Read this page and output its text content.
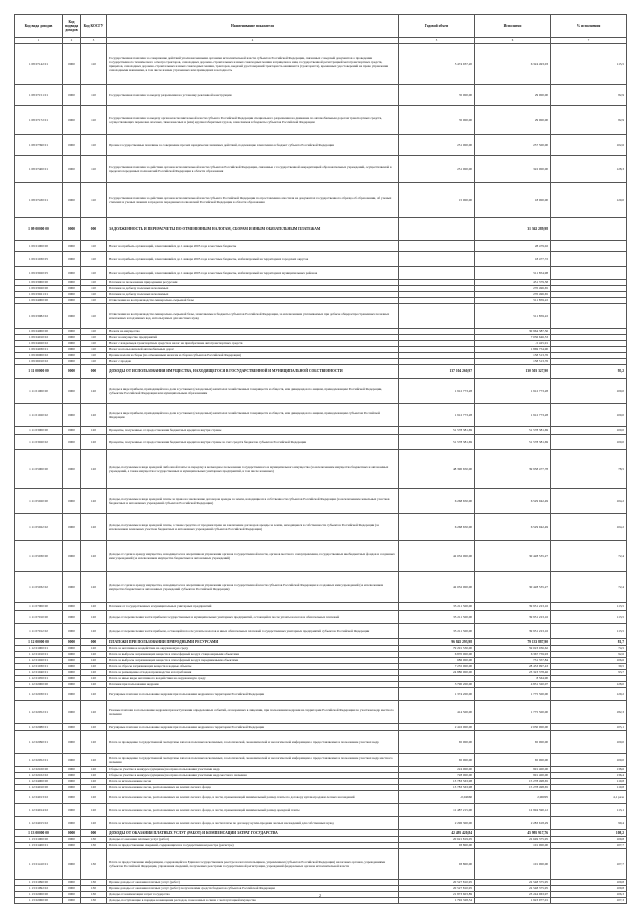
Код вида доходов	Код подвида доходов	Код КОСГУ	Наименование показателя	Годовой объем	Исполнено	% исполнения
1	2	3	4	5	6	7
1 08 07142 01	0000	110	Государственная пошлина за совершение действий уполномоченными органами исполнительной власти субъектов Российской Федерации, связанных с выдачей документов о проведении государственного технического осмотра тракторов, самоходных дорожно-строительных и иных самоходных машин и прицепов к ним, государственной регистрацией мототранспортных средств, прицепов, самоходных дорожно-строительных и иных самоходных машин, тракторов, выдачей удостоверений тракториста-машиниста (тракториста), временных удостоверений на право управления самоходными машинами, в том числе взамен утраченных или пришедших в негодность	5 474 937,20	6 324 493,03	115,5
1 08 07151 01	0000	110	Государственная пошлина за выдачу разрешения на установку рекламной конструкции	35 000,00	29 000,00	82,9
1 08 07172 01	0000	110	Государственная пошлина за выдачу органом исполнительной власти субъекта Российской Федерации специального разрешения на движение по автомобильным дорогам транспортных средств, осуществляющих перевозки опасных, тяжеловесных и (или) крупногабаритных грузов, зачисляемая в бюджеты субъектов Российской Федерации	35 000,00	29 000,00	82,9
1 08 07390 01	0000	110	Прочие государственные пошлины за совершение прочих юридически значимых действий, подлежащие зачислению в бюджет субъекта Российской Федерации	251 000,00	257 500,00	102,6
1 08 07400 01	0000	110	Государственная пошлина за действия органов исполнительной власти субъектов Российской Федерации, связанные с государственной аккредитацией образовательных учреждений, осуществляемой в пределах переданных полномочий Российской Федерации в области образования	251 000,00	322 000,00	128,3
1 08 07430 01	0000	110	Государственная пошлина за действия органов исполнительной власти субъекта Российской Федерации по проставлению апостиля на документах государственного образца об образовании, об ученых степенях и ученых званиях в пределах переданных полномочий Российской Федерации в области образования	15 000,00	18 000,00	120,0
1 09 00000 00	0000	000	ЗАДОЛЖЕННОСТЬ И ПЕРЕРАСЧЕТЫ ПО ОТМЕНЕННЫМ НАЛОГАМ, СБОРАМ И ИНЫМ ОБЯЗАТЕЛЬНЫМ ПЛАТЕЖАМ		31 362 289,98	
1 09 01000 00	0000	110	Налог на прибыль организаций, зачислявшийся до 1 января 2005 года в местные бюджеты		28 479,02	
1 09 01030 05	0000	110	Налог на прибыль организаций, зачислявшийся до 1 января 2005 года в местные бюджеты, мобилизуемый на территориях городских округов		18 477,72	
1 09 03020 05	0000	110	Налог на прибыль организаций, зачислявшийся до 1 января 2005 года в местные бюджеты, мобилизуемый на территориях муниципальных районов		511 854,98	
1 09 03000 00	0000	110	Платежи за пользование природными ресурсами		451 379,58	
1 09 03020 00	0000	110	Платежи за добычу полезных ископаемых		270 496,65	
1 09 03021 01	0000	110	Платежи за добычу полезных ископаемых		270 496,65	
1 09 04000 00	0000	110	Отчисления на воспроизводство минерально-сырьевой базы		511 859,22	
1 09 03082 02	0000	110	Отчисления на воспроизводство минерально-сырьевой базы, зачисляемые в бюджеты субъектов Российской Федерации, за исключением уплачиваемых при добыче общераспространенных полезных ископаемых и подземных вод, используемых для местных нужд		511 859,22	
1 09 04000 00	0000	110	Налоги на имущество		30 964 387,56	
1 09 04010 02	0000	110	Налог на имущество предприятий		7 036 646,53	
1 09 04020 02	0000	110	Налог с владельцев транспортных средств и налог на приобретение автотранспортных средств		-5 425,91	
1 09 04030 01	0000	110	Налог на пользователей автомобильных дорог		1 869 754,90	
1 09 06000 02	0000	110	Прочие налоги и сборы (по отмененным налогам и сборам субъектов Российской Федерации)		158 513,76	
1 09 06010 02	0000	110	Налог с продаж		158 513,76	
1 11 00000 00	0000	000	ДОХОДЫ ОТ ИСПОЛЬЗОВАНИЯ ИМУЩЕСТВА, НАХОДЯЩЕГОСЯ В ГОСУДАРСТВЕННОЙ И МУНИЦИПАЛЬНОЙ СОБСТВЕННОСТИ	137 104 260,97	130 503 327,90	95,2
1 11 01000 00	0000	120	Доходы в виде прибыли, приходящейся на доли в уставных (складочных) капиталах хозяйственных товариществ и обществ, или дивидендов по акциям, принадлежащим Российской Федерации, субъектам Российской Федерации или муниципальным образованиям	1 912 773,28	1 912 773,28	100,0
1 11 01020 02	0000	120	Доходы в виде прибыли, приходящейся на доли в уставных (складочных) капиталах хозяйственных товариществ и обществ, или дивидендов по акциям, принадлежащим субъектам Российской Федерации	1 912 773,28	1 912 773,28	100,0
1 11 03000 00	0000	120	Проценты, полученные от предоставления бюджетных кредитов внутри страны	51 578 381,69	51 578 381,69	100,0
1 11 03020 02	0000	120	Проценты, полученные от предоставления бюджетных кредитов внутри страны за счет средств бюджетов субъектов Российской Федерации	51 578 381,69	51 578 381,69	100,0
1 11 05000 00	0000	120	Доходы, получаемые в виде арендной либо иной платы за передачу в возмездное пользование государственного и муниципального имущества (за исключением имущества бюджетных и автономных учреждений, а также имущества государственных и муниципальных унитарных предприятий, в том числе казенных)	48 390 650,00	39 958 477,78	78,5
1 11 05020 00	0000	120	Доходы, получаемые в виде арендной платы за права на заключение договоров аренды за земли, находящиеся в собственности субъектов Российской Федерации (за исключением земельных участков бюджетных и автономных учреждений субъектов Российской Федерации)	6 268 650,00	6 529 942,49	104,2
1 11 05022 02	0000	120	Доходы, получаемые в виде арендной платы, а также средства от продажи права на заключение договоров аренды за земли, находящиеся в собственности субъектов Российской Федерации (за исключением земельных участков бюджетных и автономных учреждений субъектов Российской Федерации)	6 268 650,00	6 529 942,49	104,2
1 11 05030 00	0000	120	Доходы от сдачи в аренду имущества, находящегося в оперативном управлении органов государственной власти, органов местного самоуправления, государственных внебюджетных фондов и созданных ими учреждений (за исключением имущества бюджетных и автономных учреждений)	42 032 000,00	30 428 535,27	72,4
1 11 05032 02	0000	120	Доходы от сдачи в аренду имущества, находящегося в оперативном управлении органов государственной власти субъектов Российской Федерации и созданных ими учреждений (за исключением имущества бюджетных и автономных учреждений субъектов Российской Федерации)	42 032 000,00	30 428 535,27	72,4
1 11 07000 00	0000	120	Платежи от государственных и муниципальных унитарных предприятий	35 211 500,00	39 951 223,16	113,5
1 11 07010 00	0000	120	Доходы от перечисления части прибыли государственных и муниципальных унитарных предприятий, остающейся после уплаты налогов и обязательных платежей	35 211 500,00	39 951 223,16	113,5
1 11 07012 02	0000	120	Доходы от перечисления части прибыли, остающейся после уплаты налогов и иных обязательных платежей государственных унитарных предприятий субъектов Российской Федерации	35 211 500,00	39 951 223,16	113,5
1 12 00000 00	0000	000	ПЛАТЕЖИ ПРИ ПОЛЬЗОВАНИИ ПРИРОДНЫМИ РЕСУРСАМИ	96 845 293,98	79 133 887,90	81,7
1 12 01000 01	0000	120	Плата за негативное воздействие на окружающую среду	79 291 530,00	59 023 036,62	74,5
1 12 01010 01	6000	120	Плата за выбросы загрязняющих веществ в атмосферный воздух стационарными объектами	6 870 000,00	6 367 759,93	92,6
1 12 01020 01	6000	120	Плата за выбросы загрязняющих веществ в атмосферный воздух передвижными объектами	686 000,00	731 357,84	106,6
1 12 01030 01	6000	120	Плата за сбросы загрязняющих веществ в водные объекты	7 255 000,00	28 453 997,43	39,5
1 12 01040 01	6000	120	Плата за размещение отходов производства и потребления	24 880 000,00	23 323 378,46	93,7
1 12 01050 01	6000	120	Плата за иные виды негативного воздействия на окружающую среду		8 564,90	
1 12 02000 00	0000	120	Платежи при пользовании недрами	3 790 200,00	4 831 320,07	128,0
1 12 02030 01	0000	120	Регулярные платежи за пользование недрами при пользовании недрами на территории Российской Федерации	1 374 200,00	1 775 500,00	129,2
1 12 02052 01	0000	120	Разовые платежи за пользование недрами при наступлении определенных событий, оговоренных в лицензии, при пользовании недрами на территории Российской Федерации по участкам недр местного значения	414 500,00	1 775 500,00	182,3
1 12 02080 01	0000	120	Регулярные платежи за пользование недрами при пользовании недрами на территории Российской Федерации	2 416 000,00	2 030 000,00	105,1
1 12 02090 01	0000	120	Плата за проведение государственной экспертизы запасов полезных ископаемых, геологической, экономической и экологической информации о предоставляемых в пользование участках недр	65 000,00	65 000,00	100,0
1 12 02052 01	0000	120	Плата за проведение государственной экспертизы запасов полезных ископаемых, геологической, экономической и экологической информации о предоставляемых в пользование участках недр местного значения	65 000,00	65 000,00	100,0
1 12 02100 00	0000	120	Сборы за участие в конкурсе (аукционе) на право пользования участками недр	224 000,00	991 400,00	138,6
1 12 02102 02	0000	120	Сборы за участие в конкурсе (аукционе) на право пользования участками недр местного значения	728 000,00	991 400,00	136,4
1 12 04000 00	0000	120	Плата за использование лесов	13 783 563,98	15 278 498,65	110,8
1 12 04010 00	0000	120	Плата за использование лесов, расположенных на землях лесного фонда	13 783 563,98	15 278 498,65	110,8
1 12 04013 02	0000	120	Плата за использование лесов, расположенных на землях лесного фонда, в части, превышающей минимальный размер платы по договору купли-продажи лесных насаждений	-0,04660	2,96095	4,1 раза
1 12 04014 02	0000	120	Плата за использование лесов, расположенных на землях лесного фонда, в части, превышающей минимальный размер арендной платы	11 487 215,00	12 994 590,12	113,1
1 12 04015 02	0000	120	Плата за использование лесов, расположенных на землях лесного фонда, в части платы по договору купли-продажи лесных насаждений для собственных нужд	2 296 300,00	2 283 618,29	99,4
1 13 00000 00	0000	000	ДОХОДЫ ОТ ОКАЗАНИЯ ПЛАТНЫХ УСЛУГ (РАБОТ) И КОМПЕНСАЦИИ ЗАТРАТ ГОСУДАРСТВА	42 495 420,84	45 995 917,76	108,2
1 13 01000 00	0000	130	Доходы от оказания платных услуг (работ)	20 621 819,05	22 649 375,95	109,8
1 13 01400 01	0000	130	Плата за предоставление сведений, содержащихся в государственном реестре (регистре)	93 800,00	101 000,00	107,7
1 13 01410 01	0000	130	Плата за предоставление информации, содержащейся в Едином государственном реестре налогоплательщиков, управлением (субъектов Российской Федерации) налоговых органов, учреждениями субъектов Российской Федерации, управления сведений, получаемых реестрами государственной регистрации, учреждений федеральных органов исполнительной власти	93 800,00	101 000,00	107,7
1 13 01990 00	0000	130	Прочие доходы от оказания платных услуг (работ)	20 527 810,95	22 548 375,95	109,8
1 13 01992 02	0000	130	Прочие доходы от оказания платных услуг (работ) получателями средств бюджетов субъектов Российской Федерации	20 527 810,95	22 548 375,95	109,8
1 13 02000 00	0000	130	Доходы от компенсации затрат государства	21 873 603,89	23 244 963,97	106,3
1 13 02060 00	0000	130	Доходы, поступающие в порядке возмещения расходов, понесенных в связи с эксплуатацией имущества	1 792 328,54	1 923 977,01	107,3
2
